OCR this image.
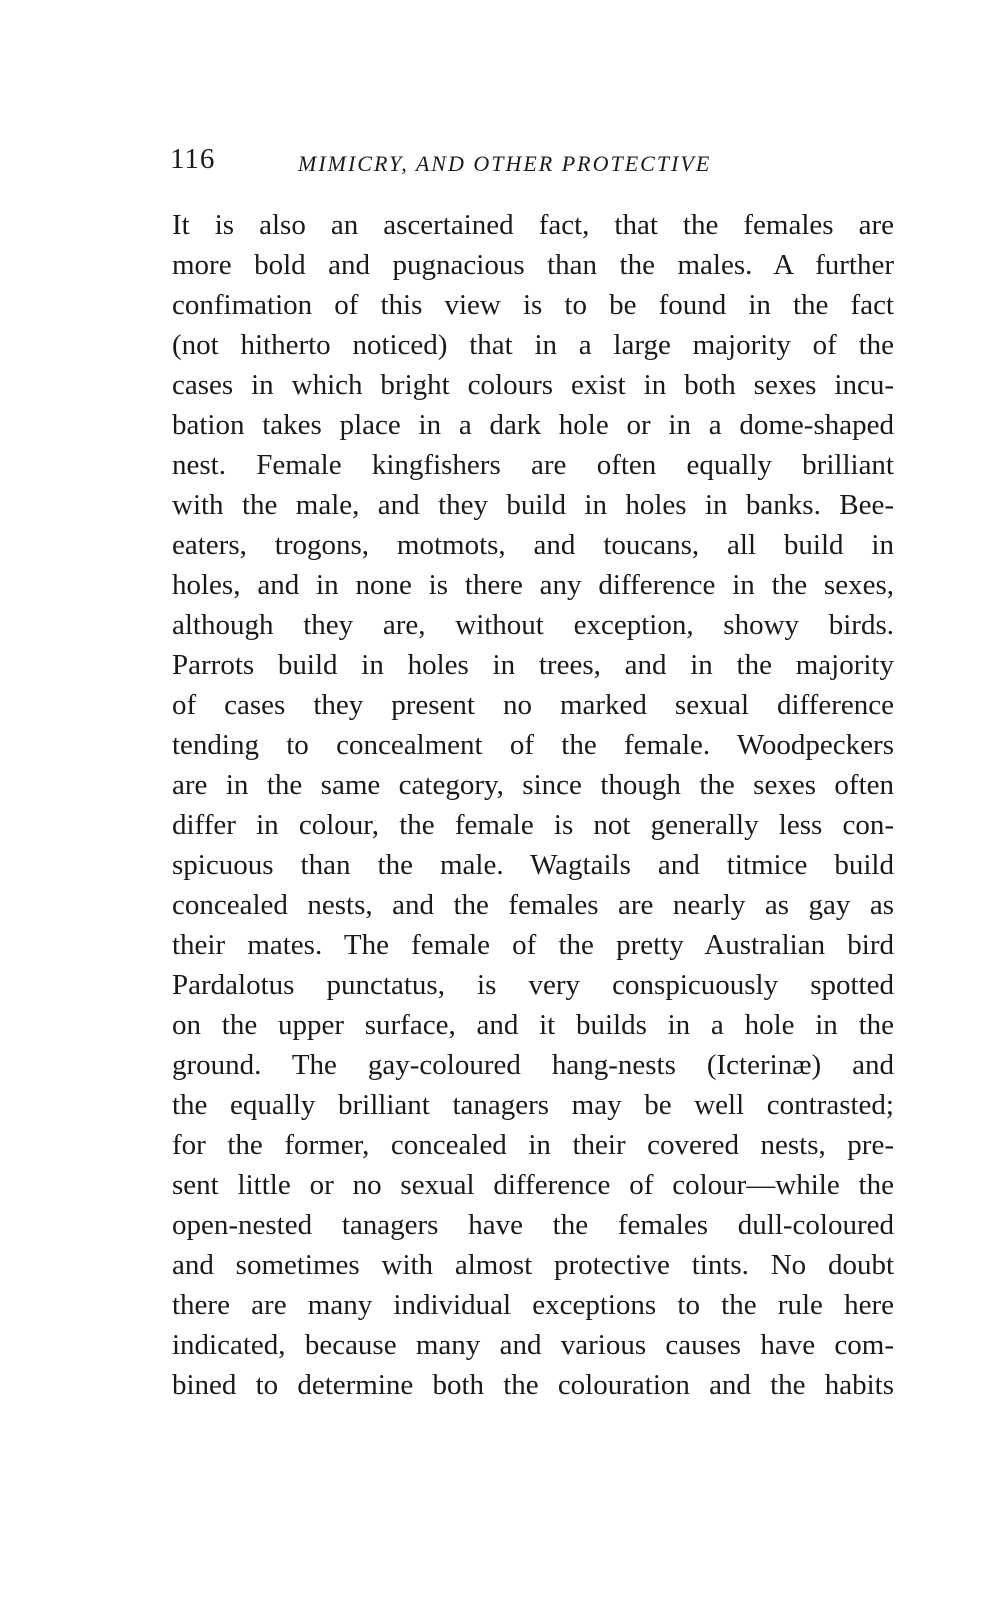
116	MIMICRY, AND OTHER PROTECTIVE
It is also an ascertained fact, that the females are
more bold and pugnacious than the males. A further
confimation of this view is to be found in the fact
(not hitherto noticed) that in a large majority of the
cases in which bright colours exist in both sexes incu-
bation takes place in a dark hole or in a dome-shaped
nest. Female kingfishers are often equally brilliant
with the male, and they build in holes in banks. Bee-
eaters, trogons, motmots, and toucans, all build in
holes, and in none is there any difference in the sexes,
although they are, without exception, showy birds.
Parrots build in holes in trees, and in the majority
of cases they present no marked sexual difference
tending to concealment of the female. Woodpeckers
are in the same category, since though the sexes often
differ in colour, the female is not generally less con-
spicuous than the male. Wagtails and titmice build
concealed nests, and the females are nearly as gay as
their mates. The female of the pretty Australian bird
Pardalotus punctatus, is very conspicuously spotted
on the upper surface, and it builds in a hole in the
ground. The gay-coloured hang-nests (Icterinæ) and
the equally brilliant tanagers may be well contrasted;
for the former, concealed in their covered nests, pre-
sent little or no sexual difference of colour—while the
open-nested tanagers have the females dull-coloured
and sometimes with almost protective tints. No doubt
there are many individual exceptions to the rule here
indicated, because many and various causes have com-
bined to determine both the colouration and the habits
